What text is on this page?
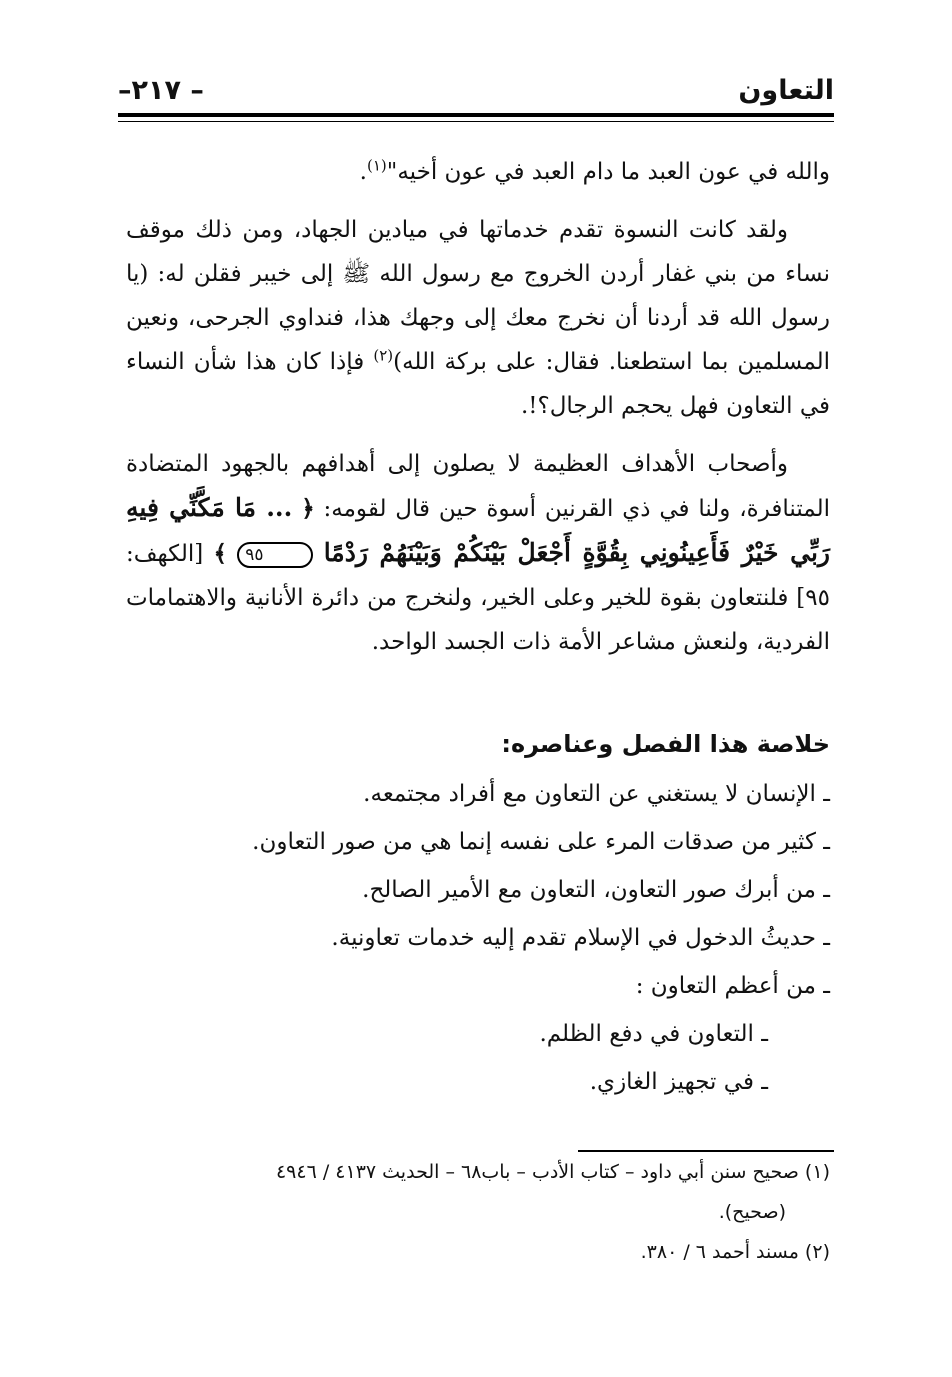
التعاون
– ٢١٧–

والله في عون العبد ما دام العبد في عون أخيه"$^{(١)}$.

ولقد كانت النسوة تقدم خدماتها في ميادين الجهاد، ومن ذلك موقف نساء من بني غفار أردن الخروج مع رسول الله ﷺ إلى خيبر فقلن له: (يا رسول الله قد أردنا أن نخرج معك إلى وجهك هذا، فنداوي الجرحى، ونعين المسلمين بما استطعنا. فقال: على بركة الله)$^{(٢)}$ فإذا كان هذا شأن النساء في التعاون فهل يحجم الرجال؟!.

وأصحاب الأهداف العظيمة لا يصلون إلى أهدافهم بالجهود المتضادة المتنافرة، ولنا في ذي القرنين أسوة حين قال لقومه: ﴿ ... مَا مَكَّنِّي فِيهِ رَبِّي خَيْرٌ فَأَعِينُونِي بِقُوَّةٍ أَجْعَلْ بَيْنَكُمْ وَبَيْنَهُمْ رَدْمًا ٩٥ ﴾ [الكهف: ٩٥] فلنتعاون بقوة للخير وعلى الخير، ولنخرج من دائرة الأنانية والاهتمامات الفردية، ولنعش مشاعر الأمة ذات الجسد الواحد.

خلاصة هذا الفصل وعناصره:
ـ الإنسان لا يستغني عن التعاون مع أفراد مجتمعه.
ـ كثير من صدقات المرء على نفسه إنما هي من صور التعاون.
ـ من أبرك صور التعاون، التعاون مع الأمير الصالح.
ـ حديثُ الدخول في الإسلام تقدم إليه خدمات تعاونية.
ـ من أعظم التعاون :
ـ التعاون في دفع الظلم.
ـ في تجهيز الغازي.

(١) صحيح سنن أبي داود – كتاب الأدب – باب٦٨ – الحديث ٤١٣٧ / ٤٩٤٦

(صحيح).

(٢) مسند أحمد ٦ / ٣٨٠.
